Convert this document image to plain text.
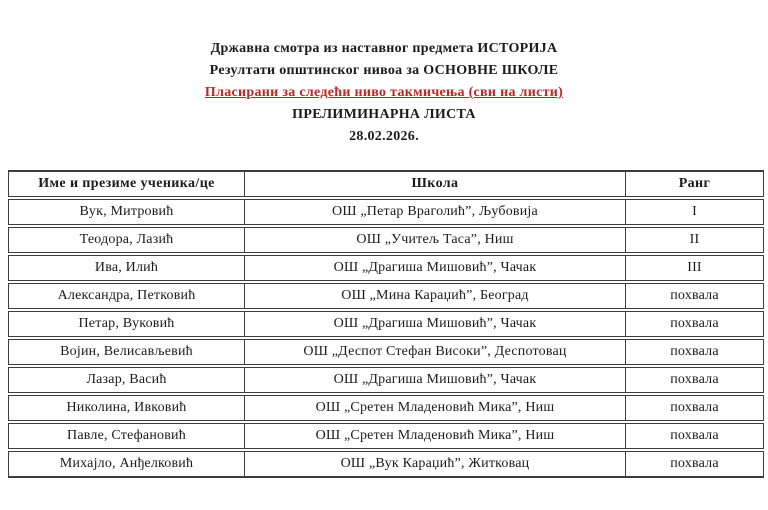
Државна смотра из наставног предмета ИСТОРИЈА

Резултати општинског нивоа за ОСНОВНЕ ШКОЛЕ

Пласирани за следећи ниво такмичења (сви на листи)

ПРЕЛИМИНАРНА ЛИСТА

28.02.2026.

Име и презиме ученика/це	Школа	Ранг
Вук, Митровић	ОШ „Петар Враголић”, Љубовија	I
Теодора, Лазић	ОШ „Учитељ Таса”, Ниш	II
Ива, Илић	ОШ „Драгиша Мишовић”, Чачак	III
Александра, Петковић	ОШ „Мина Караџић”, Београд	похвала
Петар, Вуковић	ОШ „Драгиша Мишовић”, Чачак	похвала
Војин, Велисављевић	ОШ „Деспот Стефан Високи”, Деспотовац	похвала
Лазар, Васић	ОШ „Драгиша Мишовић”, Чачак	похвала
Николина, Ивковић	ОШ „Сретен Младеновић Мика”, Ниш	похвала
Павле, Стефановић	ОШ „Сретен Младеновић Мика”, Ниш	похвала
Михајло, Анђелковић	ОШ „Вук Караџић”, Житковац	похвала
